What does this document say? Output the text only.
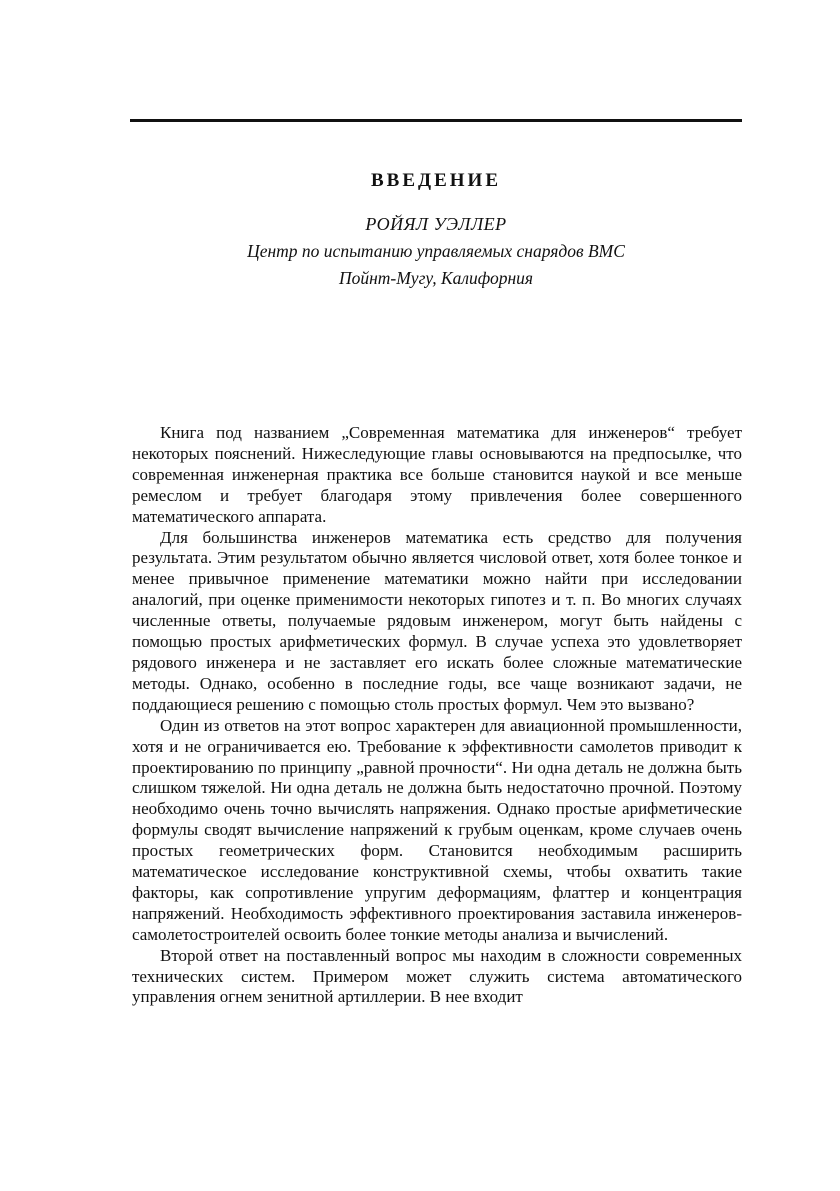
ВВЕДЕНИЕ
РОЙЯЛ УЭЛЛЕР
Центр по испытанию управляемых снарядов ВМС
Пойнт-Мугу, Калифорния

Книга под названием „Современная математика для инженеров“ требует некоторых пояснений. Нижеследующие главы основываются на предпосылке, что современная инженерная практика все больше становится наукой и все меньше ремеслом и требует благодаря этому привлечения более совершенного математического аппарата.

Для большинства инженеров математика есть средство для получения результата. Этим результатом обычно является числовой ответ, хотя более тонкое и менее привычное применение математики можно найти при исследовании аналогий, при оценке применимости некоторых гипотез и т. п. Во многих случаях численные ответы, получаемые рядовым инженером, могут быть найдены с помощью простых арифметических формул. В случае успеха это удовлетворяет рядового инженера и не заставляет его искать более сложные математические методы. Однако, особенно в последние годы, все чаще возникают задачи, не поддающиеся решению с помощью столь простых формул. Чем это вызвано?

Один из ответов на этот вопрос характерен для авиационной промышленности, хотя и не ограничивается ею. Требование к эффективности самолетов приводит к проектированию по принципу „равной прочности“. Ни одна деталь не должна быть слишком тяжелой. Ни одна деталь не должна быть недостаточно прочной. Поэтому необходимо очень точно вычислять напряжения. Однако простые арифметические формулы сводят вычисление напряжений к грубым оценкам, кроме случаев очень простых геометрических форм. Становится необходимым расширить математическое исследование конструктивной схемы, чтобы охватить такие факторы, как сопротивление упругим деформациям, флаттер и концентрация напряжений. Необходимость эффективного проектирования заставила инженеров-самолетостроителей освоить более тонкие методы анализа и вычислений.

Второй ответ на поставленный вопрос мы находим в сложности современных технических систем. Примером может служить система автоматического управления огнем зенитной артиллерии. В нее входит
